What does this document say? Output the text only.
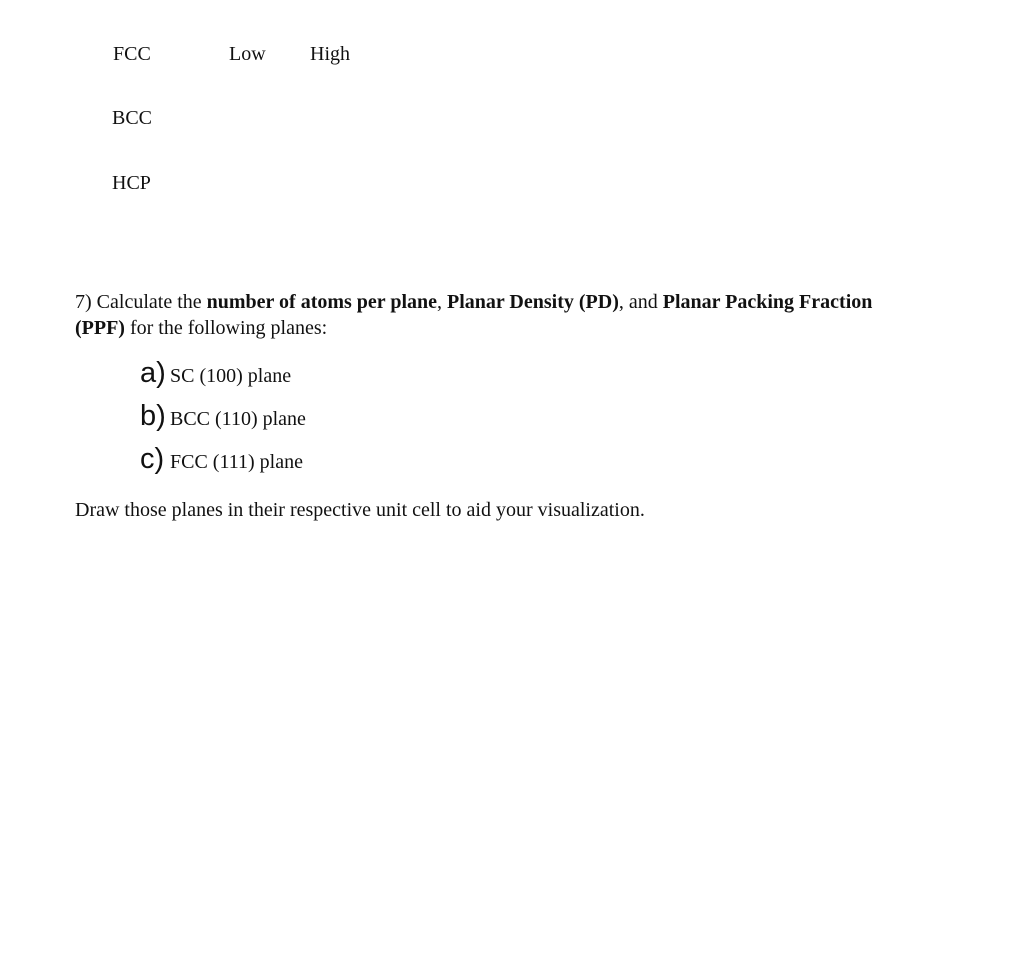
FCC	Low High
BCC
HCP
7) Calculate the number of atoms per plane, Planar Density (PD), and Planar Packing Fraction
(PPF) for the following planes:
a) SC (100) plane
b) BCC (110) plane
c) FCC (111) plane
Draw those planes in their respective unit cell to aid your visualization.
